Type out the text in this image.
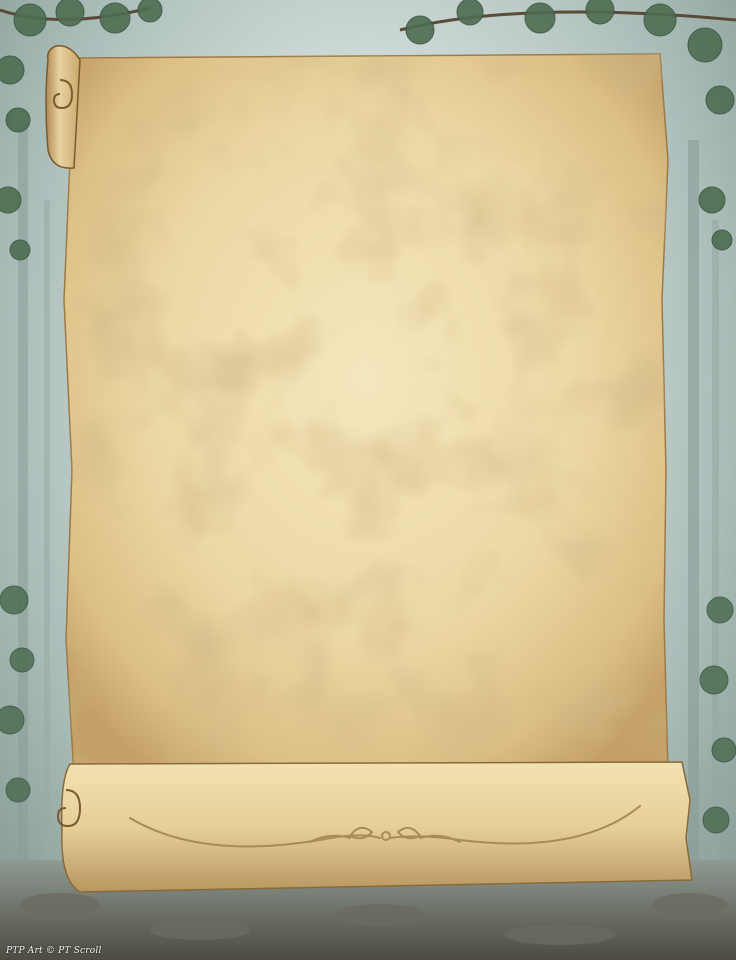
PTP Art © PT Scroll
